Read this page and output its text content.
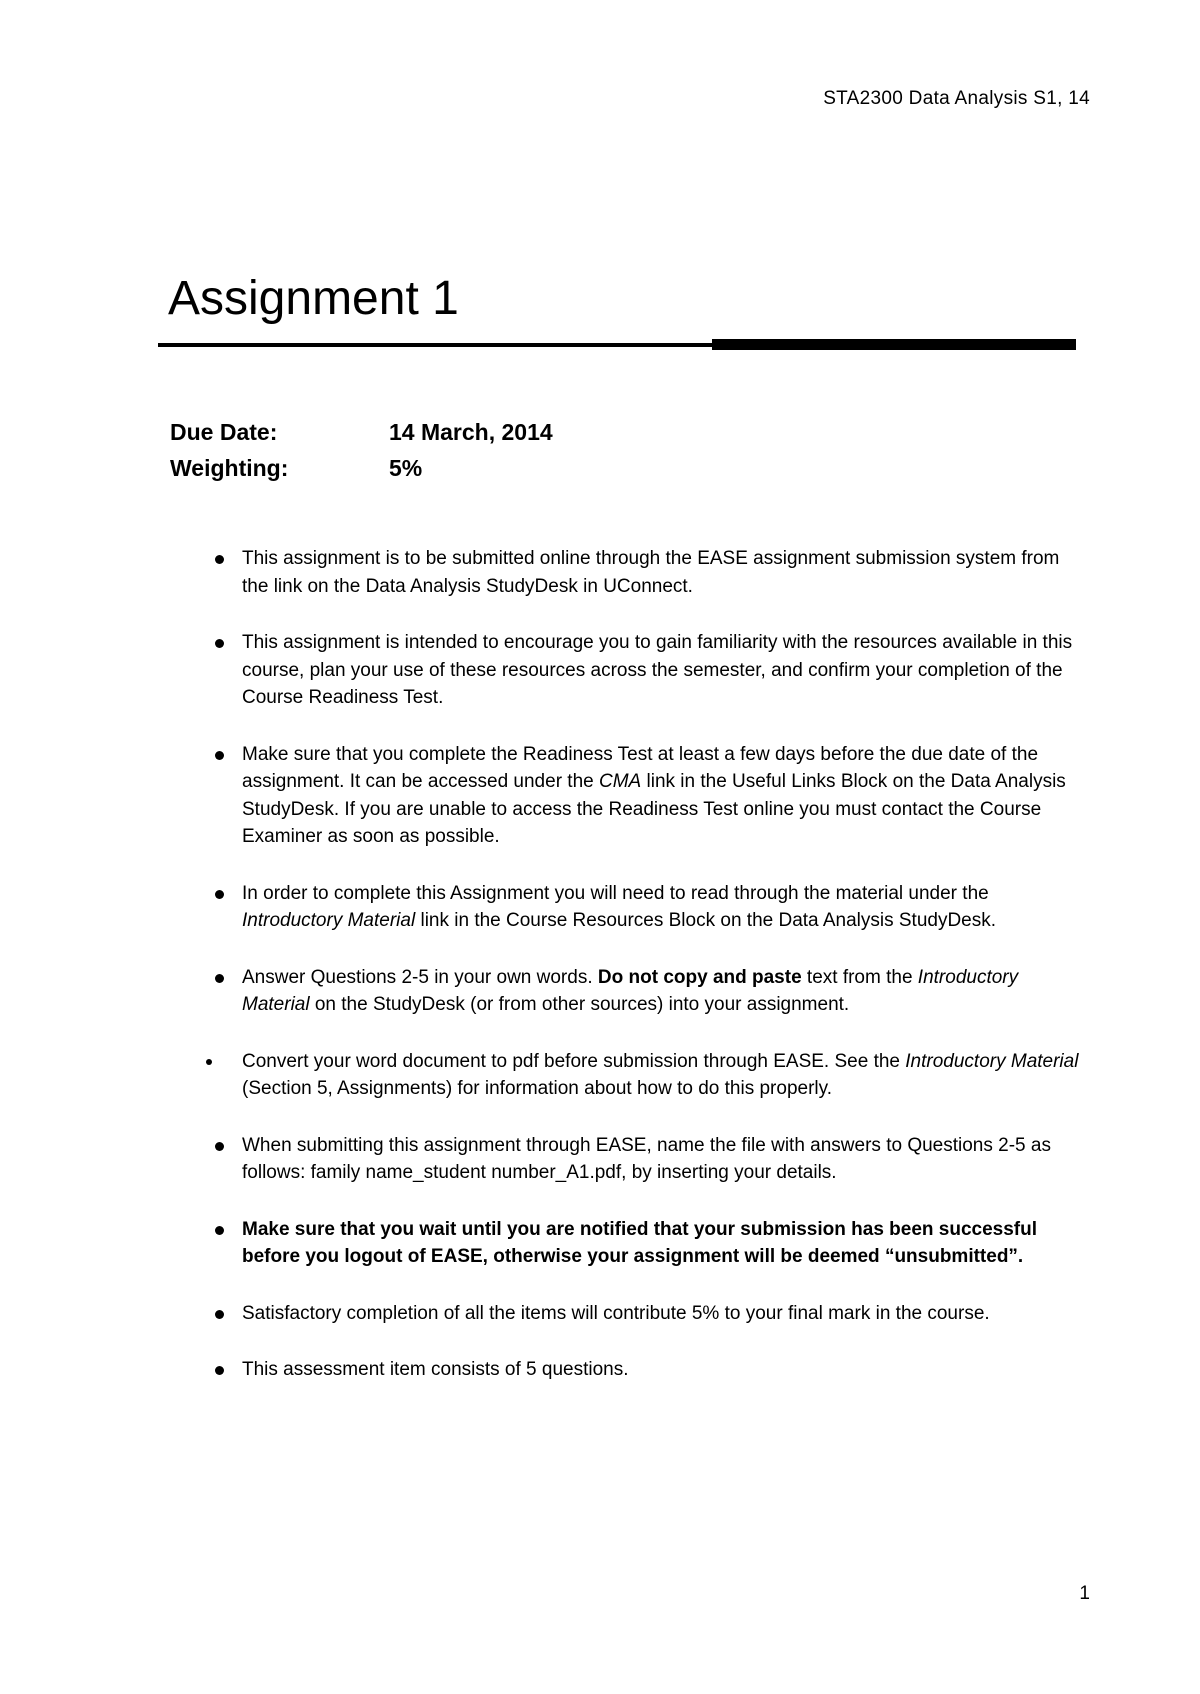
STA2300 Data Analysis S1, 14
Assignment 1
Due Date:	14 March, 2014
Weighting:	5%
This assignment is to be submitted online through the EASE assignment submission system from the link on the Data Analysis StudyDesk in UConnect.
This assignment is intended to encourage you to gain familiarity with the resources available in this course, plan your use of these resources across the semester, and confirm your completion of the Course Readiness Test.
Make sure that you complete the Readiness Test at least a few days before the due date of the assignment. It can be accessed under the CMA link in the Useful Links Block on the Data Analysis StudyDesk. If you are unable to access the Readiness Test online you must contact the Course Examiner as soon as possible.
In order to complete this Assignment you will need to read through the material under the Introductory Material link in the Course Resources Block on the Data Analysis StudyDesk.
Answer Questions 2-5 in your own words. Do not copy and paste text from the Introductory Material on the StudyDesk (or from other sources) into your assignment.
Convert your word document to pdf before submission through EASE. See the Introductory Material (Section 5, Assignments) for information about how to do this properly.
When submitting this assignment through EASE, name the file with answers to Questions 2-5 as follows: family name_student number_A1.pdf, by inserting your details.
Make sure that you wait until you are notified that your submission has been successful before you logout of EASE, otherwise your assignment will be deemed “unsubmitted”.
Satisfactory completion of all the items will contribute 5% to your final mark in the course.
This assessment item consists of 5 questions.
1
